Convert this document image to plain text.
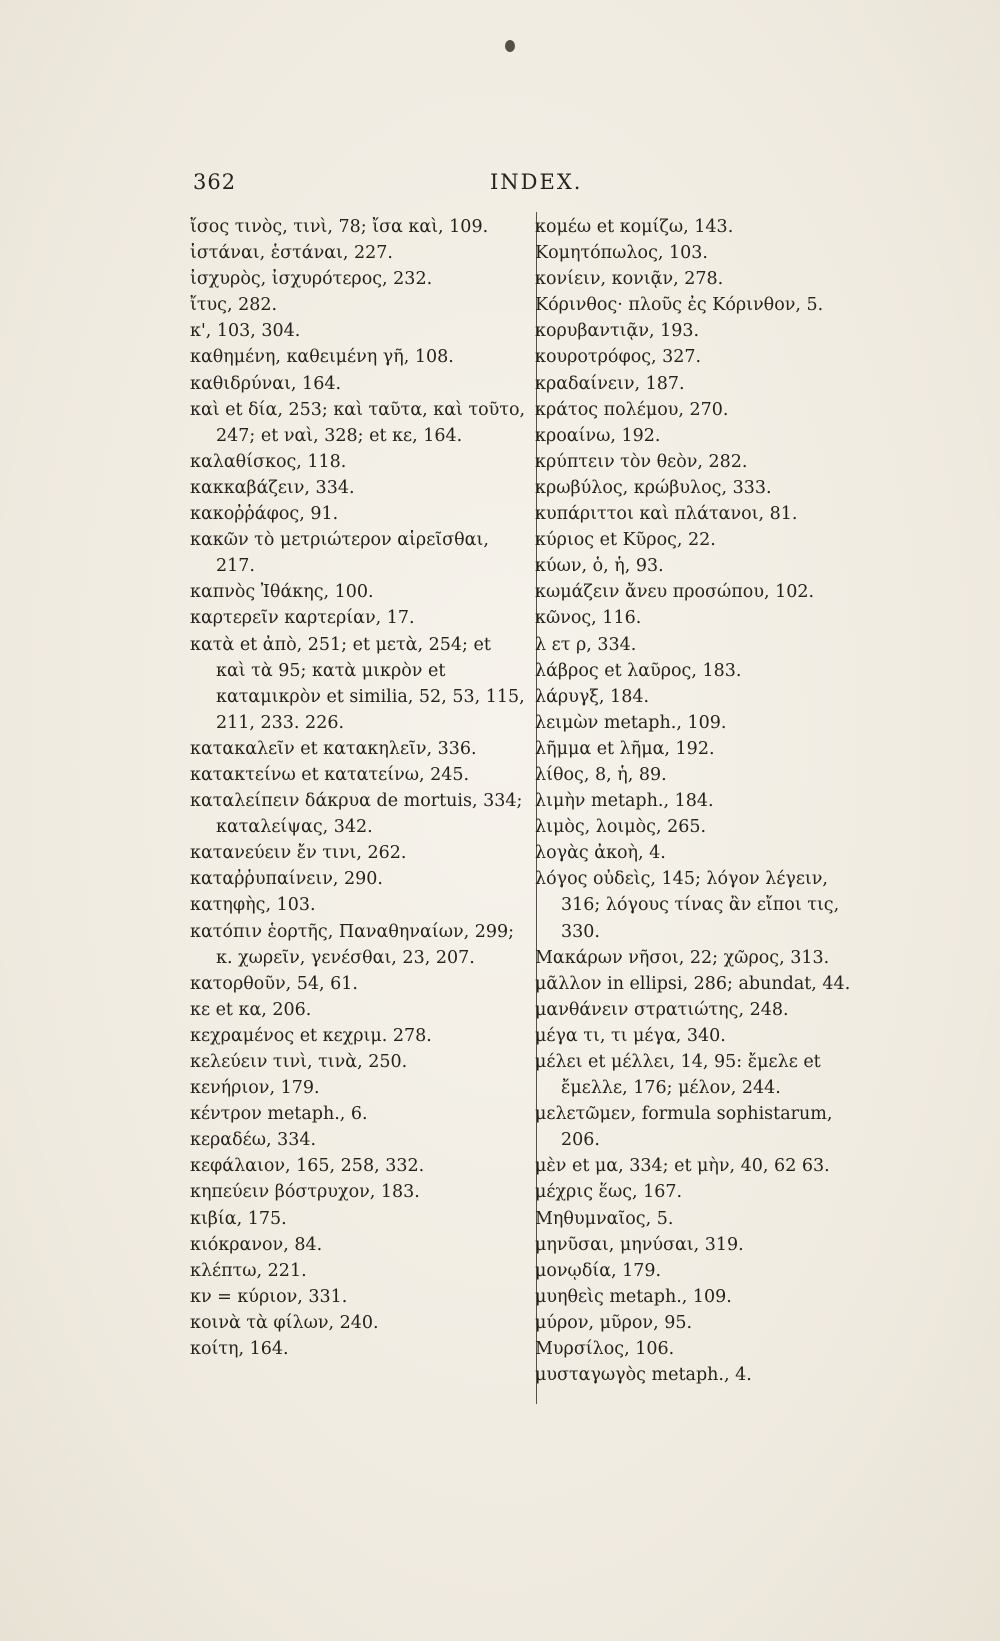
362	INDEX.
ἴσος τινὸς, τινὶ, 78; ἴσα καὶ, 109.
ἱστάναι, ἑστάναι, 227.
ἰσχυρὸς, ἰσχυρότερος, 232.
ἴτυς, 282.
κ', 103, 304.
καθημένη, καθειμένη γῆ, 108.
καθιδρύναι, 164.
καὶ et δία, 253; καὶ ταῦτα, καὶ τοῦτο, 247; et ναὶ, 328; et κε, 164.
καλαθίσκος, 118.
κακκαβάζειν, 334.
κακοῤῥάφος, 91.
κακῶν τὸ μετριώτερον αἱρεῖσθαι, 217.
καπνὸς Ἰθάκης, 100.
καρτερεῖν καρτερίαν, 17.
κατὰ et ἀπὸ, 251; et μετὰ, 254; et καὶ τὰ 95; κατὰ μικρὸν et καταμικρὸν et similia, 52, 53, 115, 211, 233. 226.
κατακαλεῖν et κατακηλεῖν, 336.
κατακτείνω et κατατείνω, 245.
καταλείπειν δάκρυα de mortuis, 334; καταλείψας, 342.
κατανεύειν ἔν τινι, 262.
καταῤῥυπαίνειν, 290.
κατηφὴς, 103.
κατόπιν ἑορτῆς, Παναθηναίων, 299; κ. χωρεῖν, γενέσθαι, 23, 207.
κατορθοῦν, 54, 61.
κε et κα, 206.
κεχραμένος et κεχριμ. 278.
κελεύειν τινὶ, τινὰ, 250.
κενήριον, 179.
κέντρον metaph., 6.
κεραδέω, 334.
κεφάλαιον, 165, 258, 332.
κηπεύειν βόστρυχον, 183.
κιβία, 175.
κιόκρανον, 84.
κλέπτω, 221.
κν = κύριον, 331.
κοινὰ τὰ φίλων, 240.
κοίτη, 164.
κομέω et κομίζω, 143.
Κομητόπωλος, 103.
κονίειν, κονιᾷν, 278.
Κόρινθος· πλοῦς ἐς Κόρινθον, 5.
κορυβαντιᾷν, 193.
κουροτρόφος, 327.
κραδαίνειν, 187.
κράτος πολέμου, 270.
κροαίνω, 192.
κρύπτειν τὸν θεὸν, 282.
κρωβύλος, κρώβυλος, 333.
κυπάριττοι καὶ πλάτανοι, 81.
κύριος et Κῦρος, 22.
κύων, ὁ, ἡ, 93.
κωμάζειν ἄνευ προσώπου, 102.
κῶνος, 116.
λ ετ ρ, 334.
λάβρος et λαῦρος, 183.
λάρυγξ, 184.
λειμὼν metaph., 109.
λῆμμα et λῆμα, 192.
λίθος, 8, ἡ, 89.
λιμὴν metaph., 184.
λιμὸς, λοιμὸς, 265.
λογὰς ἀκοὴ, 4.
λόγος οὐδεὶς, 145; λόγον λέγειν, 316; λόγους τίνας ἂν εἴποι τις, 330.
Μακάρων νῆσοι, 22; χῶρος, 313.
μᾶλλον in ellipsi, 286; abundat, 44.
μανθάνειν στρατιώτης, 248.
μέγα τι, τι μέγα, 340.
μέλει et μέλλει, 14, 95: ἔμελε et ἔμελλε, 176; μέλον, 244.
μελετῶμεν, formula sophistarum, 206.
μὲν et μα, 334; et μὴν, 40, 62 63.
μέχρις ἕως, 167.
Μηθυμναῖος, 5.
μηνῦσαι, μηνύσαι, 319.
μονῳδία, 179.
μυηθεὶς metaph., 109.
μύρον, μῦρον, 95.
Μυρσίλος, 106.
μυσταγωγὸς metaph., 4.
